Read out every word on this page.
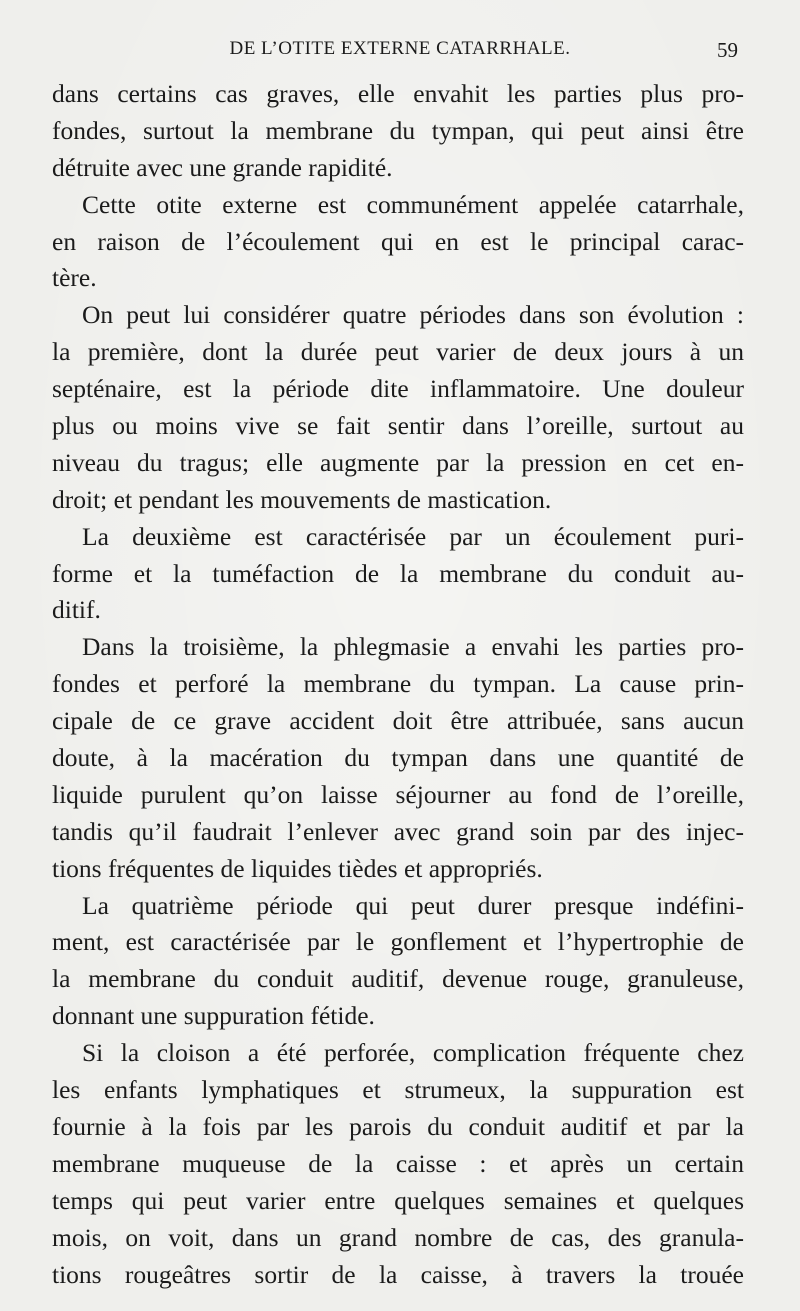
DE L’OTITE EXTERNE CATARRHALE.	59
dans certains cas graves, elle envahit les parties plus pro-
fondes, surtout la membrane du tympan, qui peut ainsi être
détruite avec une grande rapidité.
Cette otite externe est communément appelée catarrhale,
en raison de l’écoulement qui en est le principal carac-
tère.
On peut lui considérer quatre périodes dans son évolution :
la première, dont la durée peut varier de deux jours à un
septénaire, est la période dite inflammatoire. Une douleur
plus ou moins vive se fait sentir dans l’oreille, surtout au
niveau du tragus; elle augmente par la pression en cet en-
droit; et pendant les mouvements de mastication.
La deuxième est caractérisée par un écoulement puri-
forme et la tuméfaction de la membrane du conduit au-
ditif.
Dans la troisième, la phlegmasie a envahi les parties pro-
fondes et perforé la membrane du tympan. La cause prin-
cipale de ce grave accident doit être attribuée, sans aucun
doute, à la macération du tympan dans une quantité de
liquide purulent qu’on laisse séjourner au fond de l’oreille,
tandis qu’il faudrait l’enlever avec grand soin par des injec-
tions fréquentes de liquides tièdes et appropriés.
La quatrième période qui peut durer presque indéfini-
ment, est caractérisée par le gonflement et l’hypertrophie de
la membrane du conduit auditif, devenue rouge, granuleuse,
donnant une suppuration fétide.
Si la cloison a été perforée, complication fréquente chez
les enfants lymphatiques et strumeux, la suppuration est
fournie à la fois par les parois du conduit auditif et par la
membrane muqueuse de la caisse : et après un certain
temps qui peut varier entre quelques semaines et quelques
mois, on voit, dans un grand nombre de cas, des granula-
tions rougeâtres sortir de la caisse, à travers la trouée
